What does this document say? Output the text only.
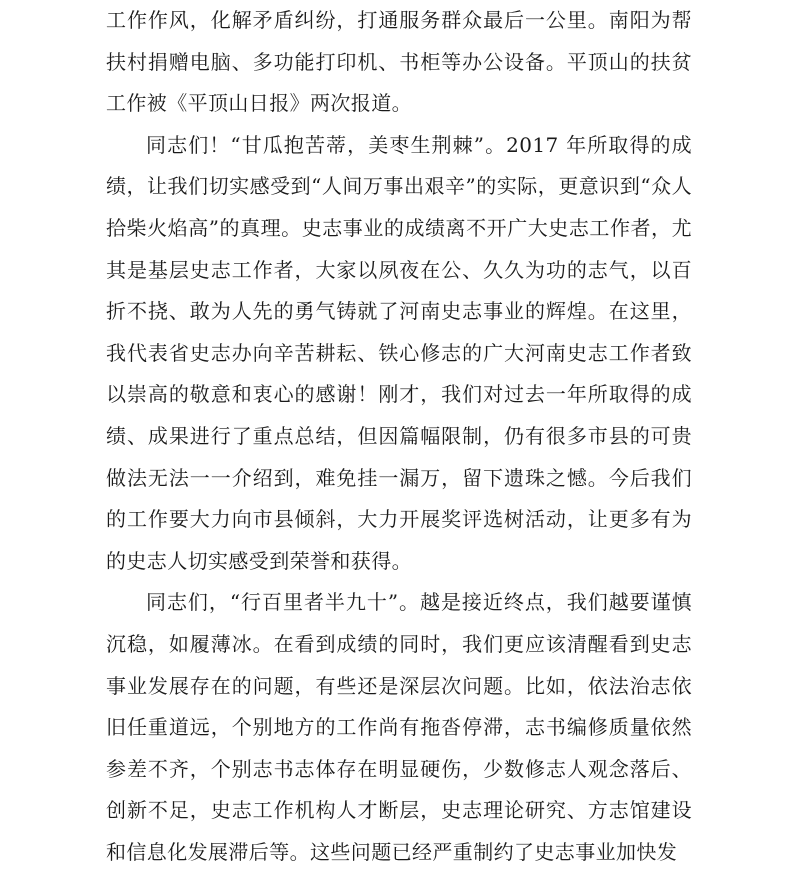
工作作风，化解矛盾纠纷，打通服务群众最后一公里。南阳为帮扶村捐赠电脑、多功能打印机、书柜等办公设备。平顶山的扶贫工作被《平顶山日报》两次报道。

同志们！“甘瓜抱苦蒂，美枣生荆棘”。2017 年所取得的成绩，让我们切实感受到“人间万事出艰辛”的实际，更意识到“众人拾柴火焰高”的真理。史志事业的成绩离不开广大史志工作者，尤其是基层史志工作者，大家以夙夜在公、久久为功的志气，以百折不挠、敢为人先的勇气铸就了河南史志事业的辉煌。在这里，我代表省史志办向辛苦耕耘、铁心修志的广大河南史志工作者致以崇高的敬意和衷心的感谢！刚才，我们对过去一年所取得的成绩、成果进行了重点总结，但因篇幅限制，仍有很多市县的可贵做法无法一一介绍到，难免挂一漏万，留下遗珠之憾。今后我们的工作要大力向市县倾斜，大力开展奖评选树活动，让更多有为的史志人切实感受到荣誉和获得。

同志们，“行百里者半九十”。越是接近终点，我们越要谨慎沉稳，如履薄冰。在看到成绩的同时，我们更应该清醒看到史志事业发展存在的问题，有些还是深层次问题。比如，依法治志依旧任重道远，个别地方的工作尚有拖沓停滞，志书编修质量依然参差不齐，个别志书志体存在明显硬伤，少数修志人观念落后、创新不足，史志工作机构人才断层，史志理论研究、方志馆建设和信息化发展滞后等。这些问题已经严重制约了史志事业加快发
